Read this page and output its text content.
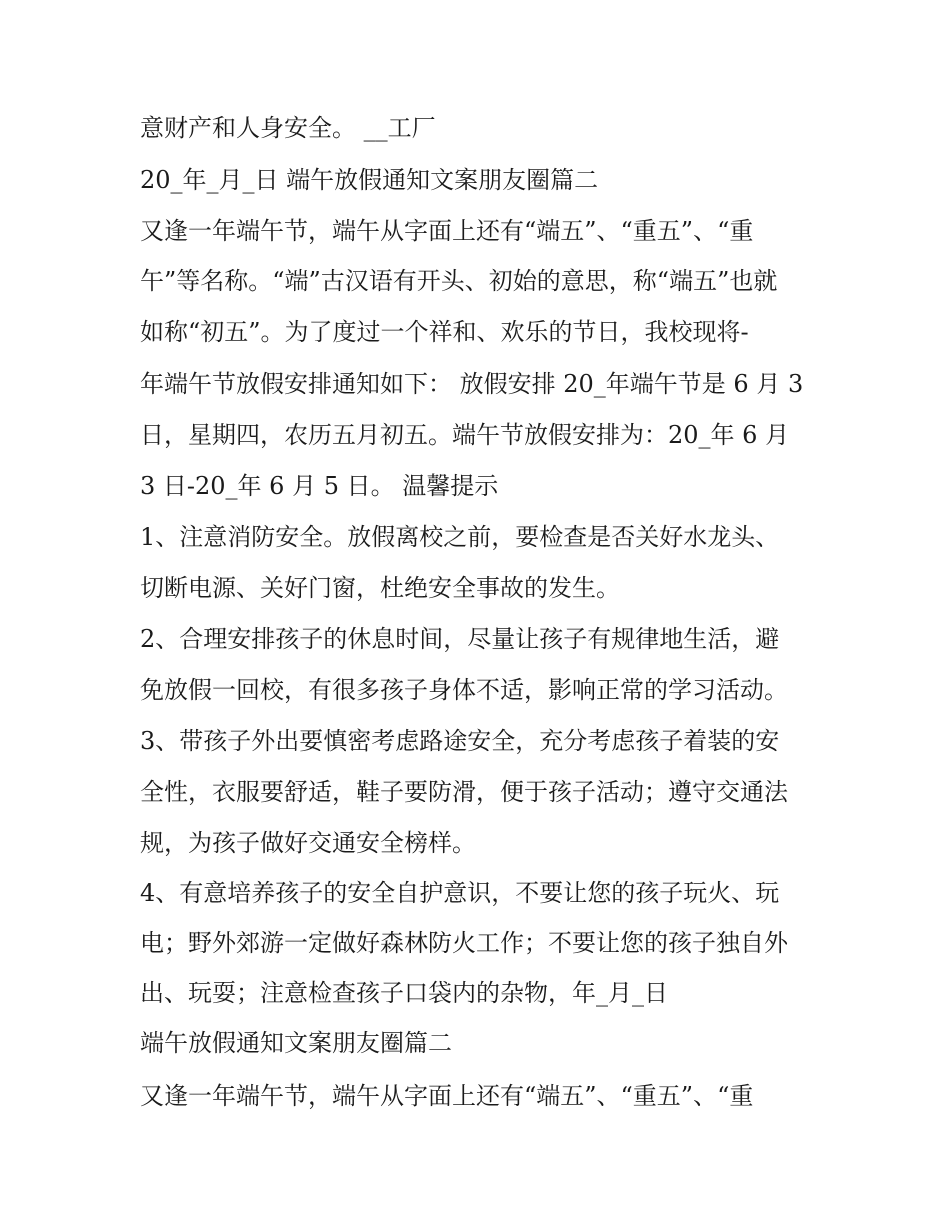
意财产和人身安全。 __工厂
20_年_月_日 端午放假通知文案朋友圈篇二
又逢一年端午节，端午从字面上还有“端五”、“重五”、“重
午”等名称。“端”古汉语有开头、初始的意思，称“端五”也就
如称“初五”。为了度过一个祥和、欢乐的节日，我校现将-
年端午节放假安排通知如下： 放假安排 20_年端午节是 6 月 3
日，星期四，农历五月初五。端午节放假安排为：20_年 6 月
3 日-20_年 6 月 5 日。 温馨提示
1、注意消防安全。放假离校之前，要检查是否关好水龙头、
切断电源、关好门窗，杜绝安全事故的发生。
2、合理安排孩子的休息时间，尽量让孩子有规律地生活，避
免放假一回校，有很多孩子身体不适，影响正常的学习活动。
3、带孩子外出要慎密考虑路途安全，充分考虑孩子着装的安
全性，衣服要舒适，鞋子要防滑，便于孩子活动；遵守交通法
规，为孩子做好交通安全榜样。
4、有意培养孩子的安全自护意识，不要让您的孩子玩火、玩
电；野外郊游一定做好森林防火工作；不要让您的孩子独自外
出、玩耍；注意检查孩子口袋内的杂物，年_月_日
端午放假通知文案朋友圈篇二
又逢一年端午节，端午从字面上还有“端五”、“重五”、“重
